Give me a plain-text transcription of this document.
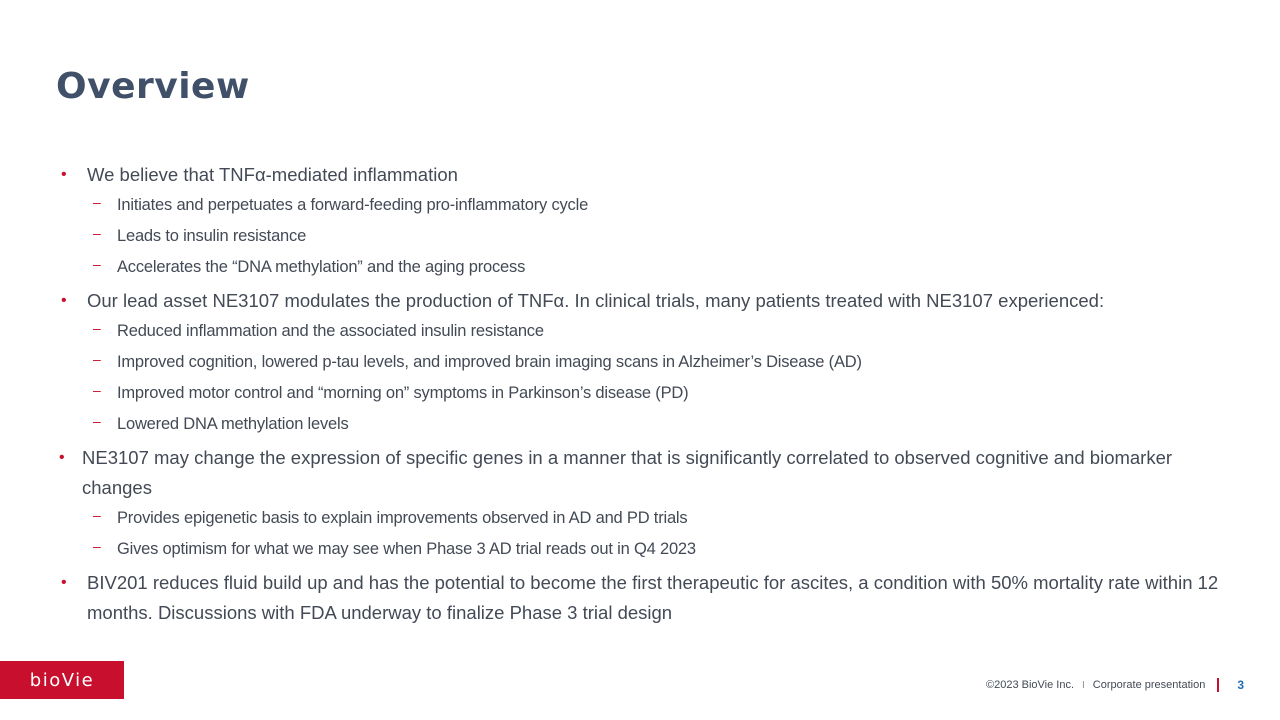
Overview
• We believe that TNFα-mediated inflammation
– Initiates and perpetuates a forward-feeding pro-inflammatory cycle
– Leads to insulin resistance
– Accelerates the “DNA methylation” and the aging process
• Our lead asset NE3107 modulates the production of TNFα. In clinical trials, many patients treated with NE3107 experienced:
– Reduced inflammation and the associated insulin resistance
– Improved cognition, lowered p-tau levels, and improved brain imaging scans in Alzheimer’s Disease (AD)
– Improved motor control and “morning on” symptoms in Parkinson’s disease (PD)
– Lowered DNA methylation levels
• NE3107 may change the expression of specific genes in a manner that is significantly correlated to observed cognitive and biomarker changes
– Provides epigenetic basis to explain improvements observed in AD and PD trials
– Gives optimism for what we may see when Phase 3 AD trial reads out in Q4 2023
• BIV201 reduces fluid build up and has the potential to become the first therapeutic for ascites, a condition with 50% mortality rate within 12 months. Discussions with FDA underway to finalize Phase 3 trial design
bioVie	©2023 BioVie Inc. I Corporate presentation	3
